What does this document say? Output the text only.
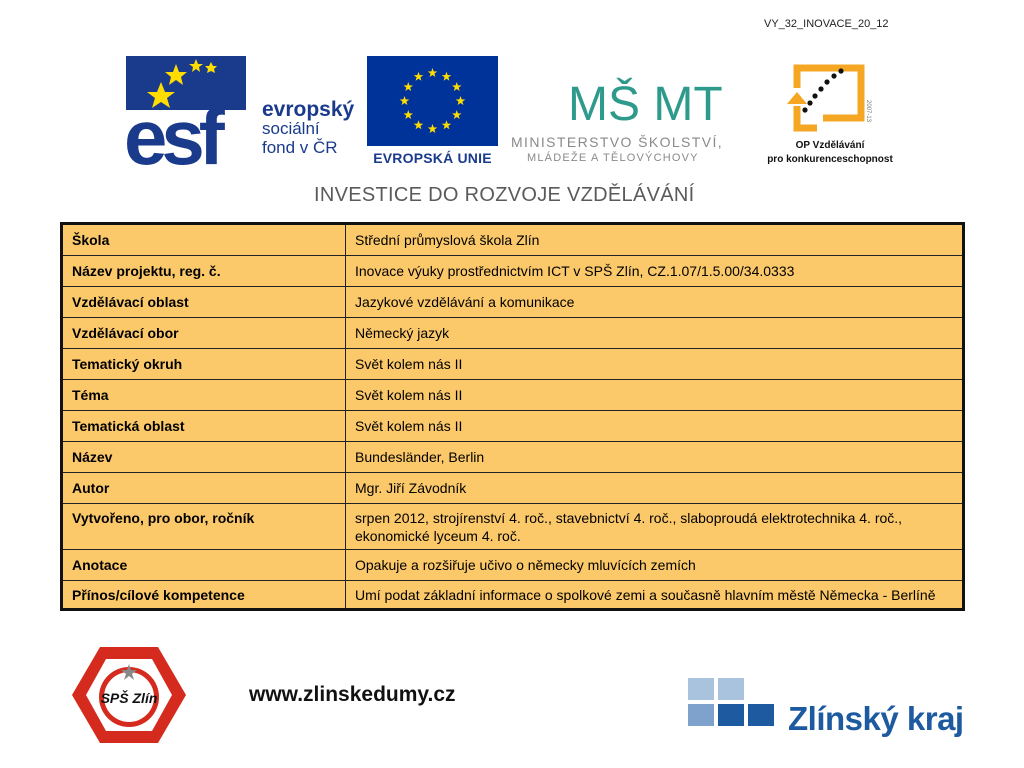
VY_32_INOVACE_20_12
esf	evropský
sociální
fond v ČR
EVROPSKÁ UNIE
MŠ MT
MINISTERSTVO ŠKOLSTVÍ,
MLÁDEŽE A TĚLOVÝCHOVY
2007-13
OP Vzdělávání
pro konkurenceschopnost
INVESTICE DO ROZVOJE VZDĚLÁVÁNÍ
Škola	Střední průmyslová škola Zlín
Název projektu, reg. č.	Inovace výuky prostřednictvím ICT v SPŠ Zlín, CZ.1.07/1.5.00/34.0333
Vzdělávací oblast	Jazykové vzdělávání a komunikace
Vzdělávací obor	Německý jazyk
Tematický okruh	Svět kolem nás II
Téma	Svět kolem nás II
Tematická oblast	Svět kolem nás II
Název	Bundesländer, Berlin
Autor	Mgr. Jiří Závodník
Vytvořeno, pro obor, ročník	srpen 2012, strojírenství 4. roč., stavebnictví 4. roč., slaboproudá elektrotechnika 4. roč., ekonomické lyceum 4. roč.
Anotace	Opakuje a rozšiřuje učivo o německy mluvících zemích
Přínos/cílové kompetence	Umí podat základní informace o spolkové zemi a současně hlavním městě Německa - Berlíně
SPŠ Zlín	www.zlinskedumy.cz
Zlínský kraj
